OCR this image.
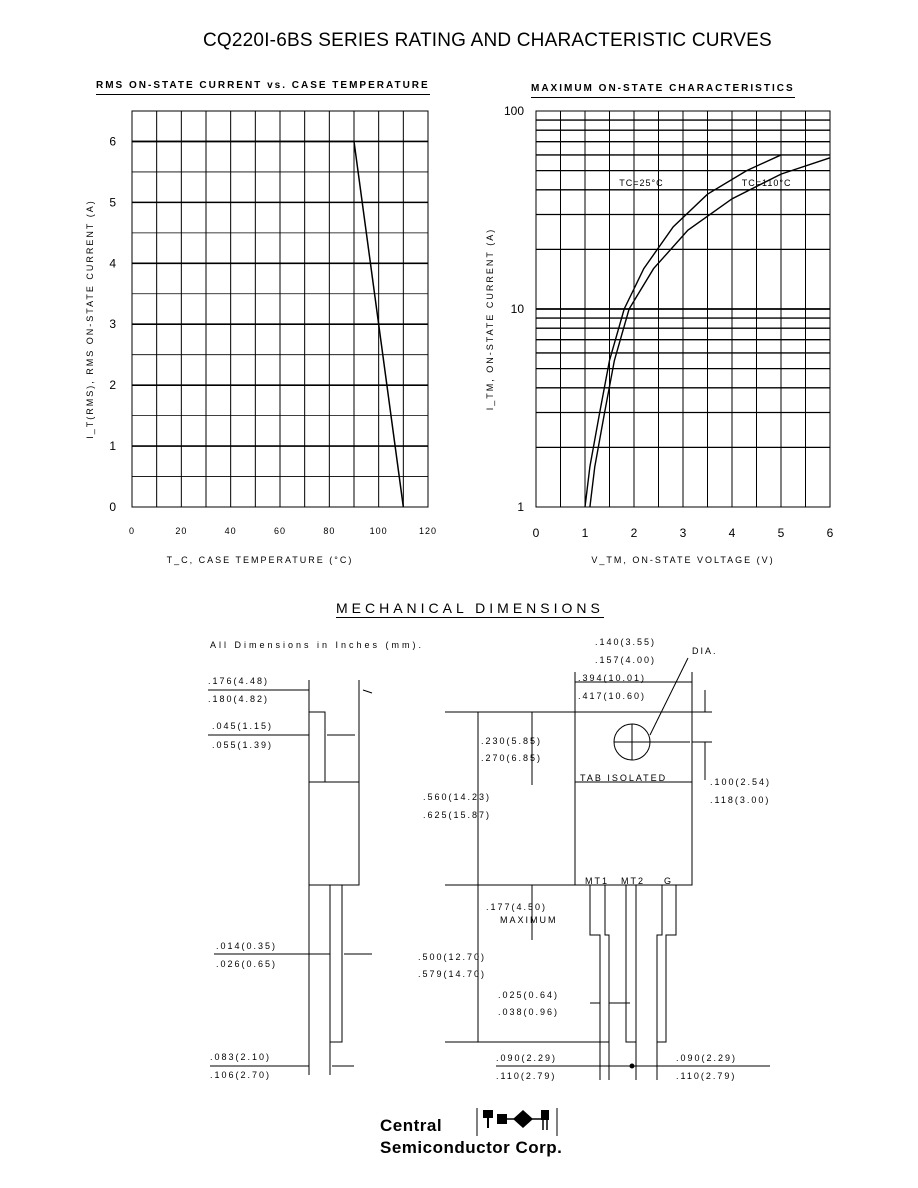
CQ220I-6BS SERIES RATING AND CHARACTERISTIC CURVES
RMS ON-STATE CURRENT vs. CASE TEMPERATURE
0	20	40	60	80	100	120
0
1
2
3
4
5
6
T_C, CASE TEMPERATURE (°C)
I_T(RMS), RMS ON-STATE CURRENT (A)
MAXIMUM ON-STATE CHARACTERISTICS
0	1	2	3	4	5	6
1
10
100
TC=25°C	TC=110°C
V_TM, ON-STATE VOLTAGE (V)
I_TM, ON-STATE CURRENT (A)
MECHANICAL DIMENSIONS
All Dimensions in Inches (mm).
.176(4.48)
.180(4.82)
.045(1.15)
.055(1.39)
.014(0.35)
.026(0.65)
.083(2.10)
.106(2.70)
.140(3.55)
.157(4.00)
DIA.
.394(10.01)
.417(10.60)
.230(5.85)
.270(6.85)
.560(14.23)
.625(15.87)
.100(2.54)
.118(3.00)
.177(4.50)
MAXIMUM
.500(12.70)
.579(14.70)
.025(0.64)
.038(0.96)
.090(2.29)
.110(2.79)
.090(2.29)
.110(2.79)
TAB ISOLATED
MT1 MT2 G
Central
Semiconductor Corp.
